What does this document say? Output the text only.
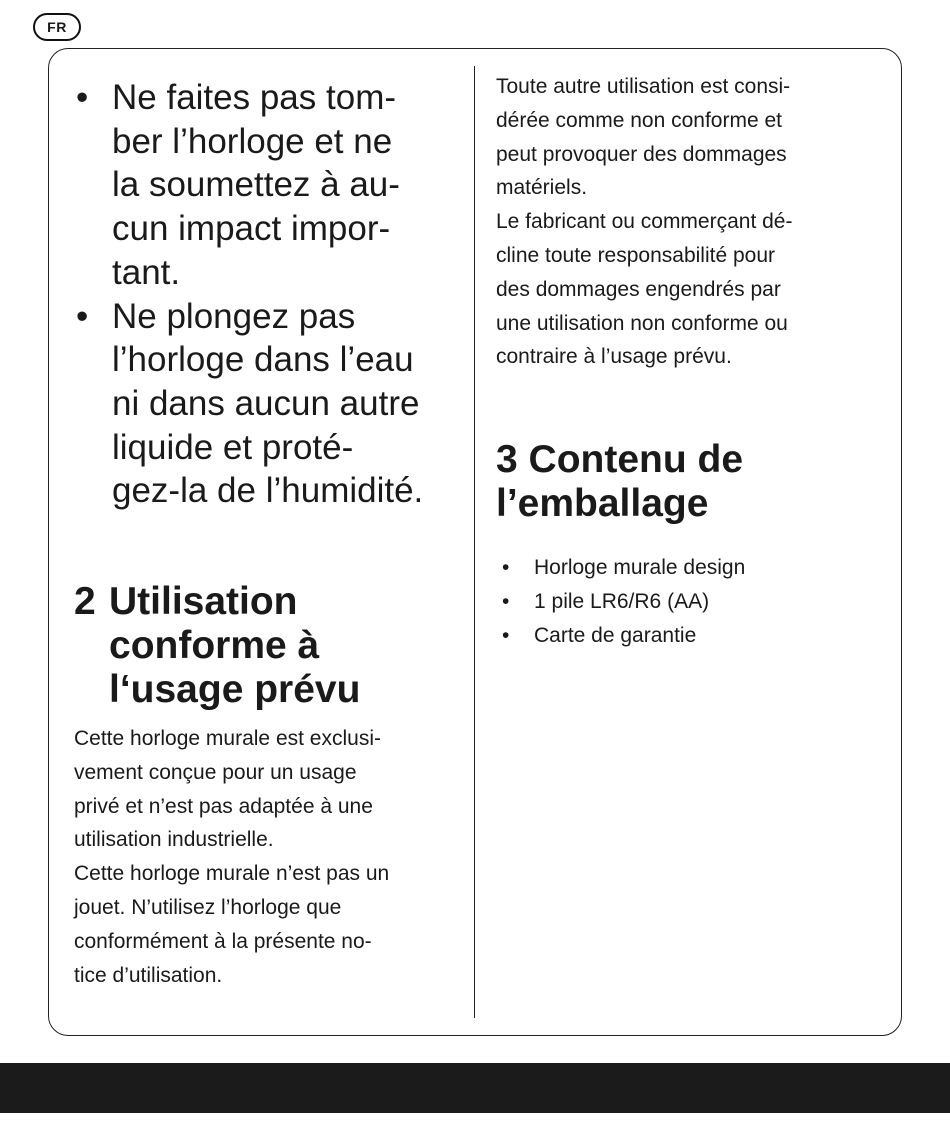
FR
• Ne faites pas tom-
ber l’horloge et ne
la soumettez à au-
cun impact impor-
tant.
• Ne plongez pas
l’horloge dans l’eau
ni dans aucun autre
liquide et proté-
gez-la de l’humidité.
2 Utilisation
conforme à
l‘usage prévu
Cette horloge murale est exclusi-
vement conçue pour un usage
privé et n’est pas adaptée à une
utilisation industrielle.
Cette horloge murale n’est pas un
jouet. N’utilisez l’horloge que
conformément à la présente no-
tice d’utilisation.
Toute autre utilisation est consi-
dérée comme non conforme et
peut provoquer des dommages
matériels.
Le fabricant ou commerçant dé-
cline toute responsabilité pour
des dommages engendrés par
une utilisation non conforme ou
contraire à l’usage prévu.
3 Contenu de
l’emballage
• Horloge murale design
• 1 pile LR6/R6 (AA)
• Carte de garantie
